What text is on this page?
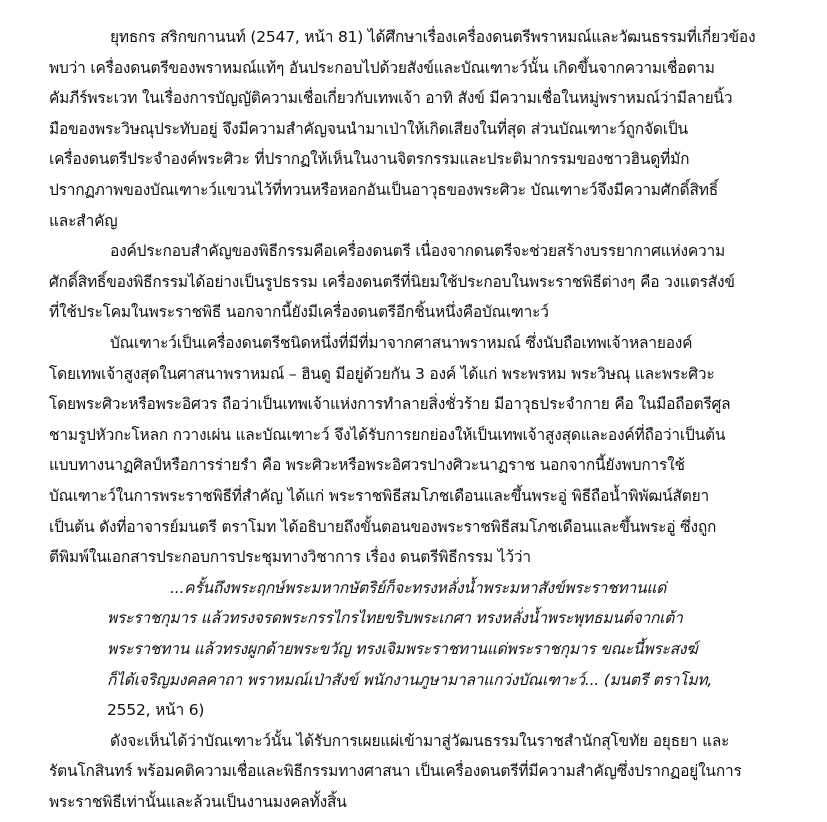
ยุทธกร สริกขกานนท์ (2547, หน้า 81) ได้ศึกษาเรื่องเครื่องดนตรีพราหมณ์และวัฒนธรรมที่เกี่ยวข้อง
พบว่า เครื่องดนตรีของพราหมณ์แท้ๆ อันประกอบไปด้วยสังข์และบัณเฑาะว์นั้น เกิดขึ้นจากความเชื่อตาม
คัมภีร์พระเวท ในเรื่องการบัญญัติความเชื่อเกี่ยวกับเทพเจ้า อาทิ สังข์ มีความเชื่อในหมู่พราหมณ์ว่ามีลายนิ้ว
มือของพระวิษณุประทับอยู่ จึงมีความสำคัญจนนำมาเป่าให้เกิดเสียงในที่สุด ส่วนบัณเฑาะว์ถูกจัดเป็น
เครื่องดนตรีประจำองค์พระศิวะ ที่ปรากฏให้เห็นในงานจิตรกรรมและประติมากรรมของชาวฮินดูที่มัก
ปรากฏภาพของบัณเฑาะว์แขวนไว้ที่ทวนหรือหอกอันเป็นอาวุธของพระศิวะ บัณเฑาะว์จึงมีความศักดิ์สิทธิ์
และสำคัญ
องค์ประกอบสำคัญของพิธีกรรมคือเครื่องดนตรี เนื่องจากดนตรีจะช่วยสร้างบรรยากาศแห่งความ
ศักดิ์สิทธิ์ของพิธีกรรมได้อย่างเป็นรูปธรรม เครื่องดนตรีที่นิยมใช้ประกอบในพระราชพิธีต่างๆ คือ วงแตรสังข์
ที่ใช้ประโคมในพระราชพิธี นอกจากนี้ยังมีเครื่องดนตรีอีกชิ้นหนึ่งคือบัณเฑาะว์
บัณเฑาะว์เป็นเครื่องดนตรีชนิดหนึ่งที่มีที่มาจากศาสนาพราหมณ์ ซึ่งนับถือเทพเจ้าหลายองค์
โดยเทพเจ้าสูงสุดในศาสนาพราหมณ์ – ฮินดู มีอยู่ด้วยกัน 3 องค์ ได้แก่ พระพรหม พระวิษณุ และพระศิวะ
โดยพระศิวะหรือพระอิศวร ถือว่าเป็นเทพเจ้าแห่งการทำลายสิ่งชั่วร้าย มีอาวุธประจำกาย คือ ในมือถือตรีศูล
ชามรูปหัวกะโหลก กวางเผ่น และบัณเฑาะว์ จึงได้รับการยกย่องให้เป็นเทพเจ้าสูงสุดและองค์ที่ถือว่าเป็นต้น
แบบทางนาฏศิลป์หรือการร่ายรำ คือ พระศิวะหรือพระอิศวรปางศิวะนาฏราช นอกจากนี้ยังพบการใช้
บัณเฑาะว์ในการพระราชพิธีที่สำคัญ ได้แก่ พระราชพิธีสมโภชเดือนและขึ้นพระอู่ พิธีถือน้ำพิพัฒน์สัตยา
เป็นต้น ดังที่อาจารย์มนตรี ตราโมท ได้อธิบายถึงขั้นตอนของพระราชพิธีสมโภชเดือนและขึ้นพระอู่ ซึ่งถูก
ตีพิมพ์ในเอกสารประกอบการประชุมทางวิชาการ เรื่อง ดนตรีพิธีกรรม ไว้ว่า
...ครั้นถึงพระฤกษ์พระมหากษัตริย์ก็จะทรงหลั่งน้ำพระมหาสังข์พระราชทานแด่
พระราชกุมาร แล้วทรงจรดพระกรรไกรไทยขริบพระเกศา ทรงหลั่งน้ำพระพุทธมนต์จากเต้า
พระราชทาน แล้วทรงผูกด้ายพระขวัญ ทรงเจิมพระราชทานแด่พระราชกุมาร ขณะนี้พระสงฆ์
ก็ได้เจริญมงคลคาถา พราหมณ์เป่าสังข์ พนักงานภูษามาลาแกว่งบัณเฑาะว์... (มนตรี ตราโมท,
2552, หน้า 6)
ดังจะเห็นได้ว่าบัณเฑาะว์นั้น ได้รับการเผยแผ่เข้ามาสู่วัฒนธรรมในราชสำนักสุโขทัย อยุธยา และ
รัตนโกสินทร์ พร้อมคติความเชื่อและพิธีกรรมทางศาสนา เป็นเครื่องดนตรีที่มีความสำคัญซึ่งปรากฏอยู่ในการ
พระราชพิธีเท่านั้นและล้วนเป็นงานมงคลทั้งสิ้น
